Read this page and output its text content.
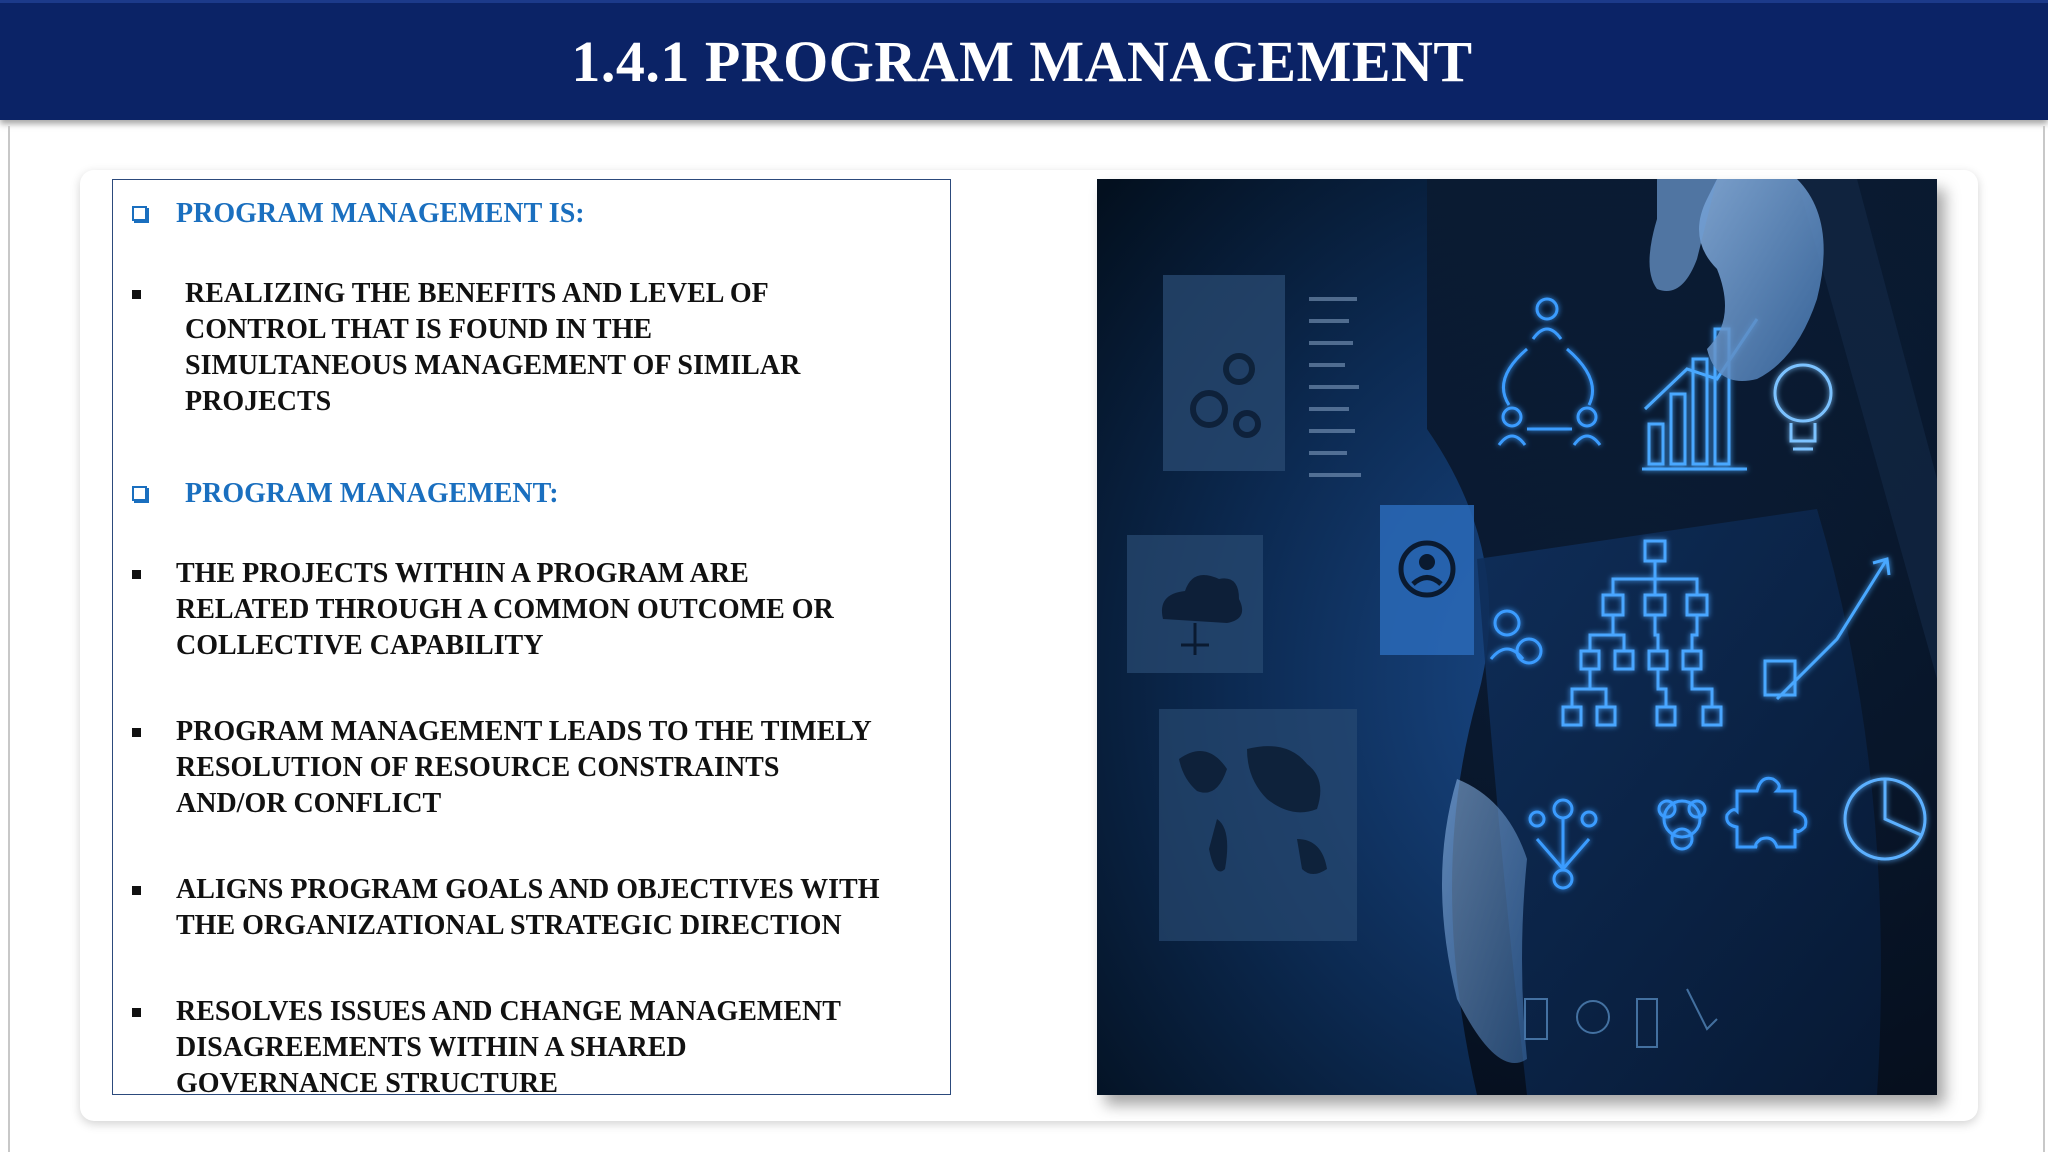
1.4.1 PROGRAM MANAGEMENT
PROGRAM MANAGEMENT IS:
REALIZING THE BENEFITS AND LEVEL OF
CONTROL THAT IS FOUND IN THE
SIMULTANEOUS MANAGEMENT OF SIMILAR
PROJECTS
PROGRAM MANAGEMENT:
THE PROJECTS WITHIN A PROGRAM ARE
RELATED THROUGH A COMMON OUTCOME OR
COLLECTIVE CAPABILITY
PROGRAM MANAGEMENT LEADS TO THE TIMELY
RESOLUTION OF RESOURCE CONSTRAINTS
AND/OR CONFLICT
ALIGNS PROGRAM GOALS AND OBJECTIVES WITH
THE ORGANIZATIONAL STRATEGIC DIRECTION
RESOLVES ISSUES AND CHANGE MANAGEMENT
DISAGREEMENTS WITHIN A SHARED
GOVERNANCE STRUCTURE
